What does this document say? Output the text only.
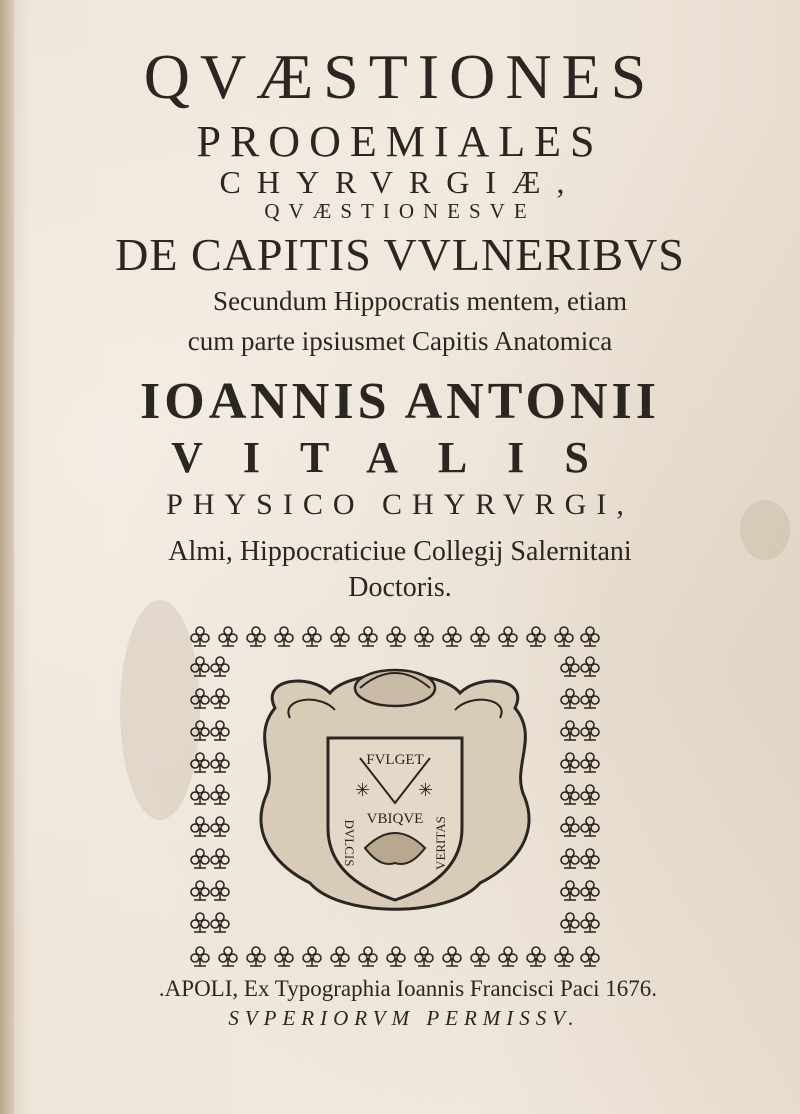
QVÆSTIONES
PROOEMIALES
CHYRVRGIÆ,
QVÆSTIONESVE
DE CAPITIS VVLNERIBVS
Secundum Hippocratis mentem, etiam
cum parte ipsiusmet Capitis Anatomica
IOANNIS ANTONII
VITALIS
PHYSICO CHYRVRGI,
Almi, Hippocraticiue Collegij Salernitani
Doctoris.
✳	✳
FVLGET
VBIQVE
DVLCIS	VERITAS
.APOLI, Ex Typographia Ioannis Francisci Paci 1676.
SVPERIORVM PERMISSV.
